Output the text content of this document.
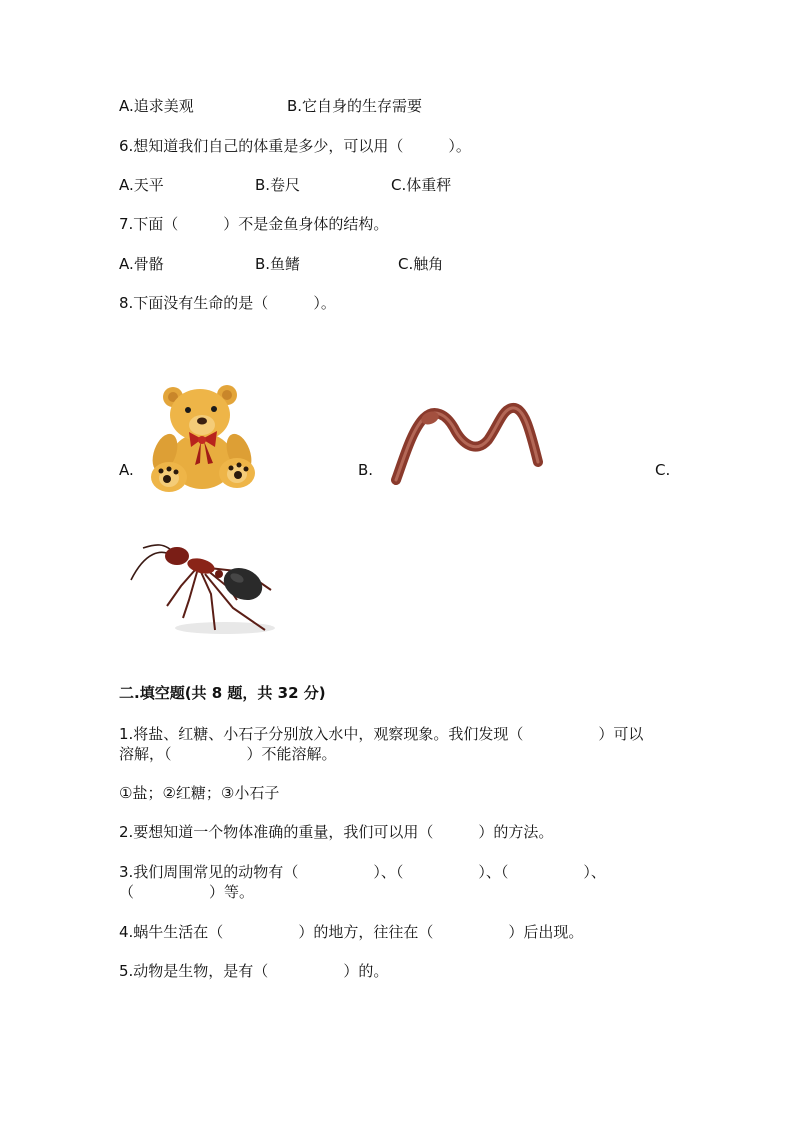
A.追求美观	B.它自身的生存需要
6.想知道我们自己的体重是多少，可以用（　　　）。
A.天平	B.卷尺	C.体重秤
7.下面（　　　）不是金鱼身体的结构。
A.骨骼	B.鱼鳍	C.触角
8.下面没有生命的是（　　　）。
A.	B.	C.
二.填空题(共 8 题，共 32 分)
1.将盐、红糖、小石子分别放入水中，观察现象。我们发现（　　　　　）可以
溶解，（　　　　　）不能溶解。
①盐；②红糖；③小石子
2.要想知道一个物体准确的重量，我们可以用（　　　）的方法。
3.我们周围常见的动物有（　　　　　）、（　　　　　）、（　　　　　）、
（　　　　　）等。
4.蜗牛生活在（　　　　　）的地方，往往在（　　　　　）后出现。
5.动物是生物，是有（　　　　　）的。
